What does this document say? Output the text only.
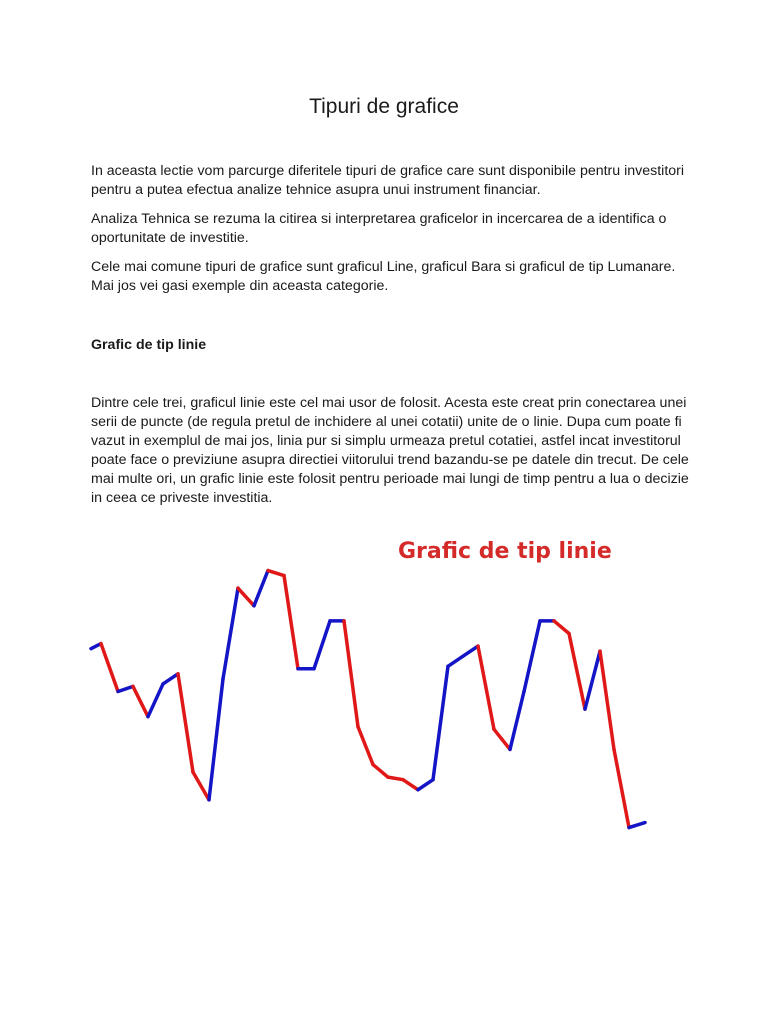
Tipuri de grafice

In aceasta lectie vom parcurge diferitele tipuri de grafice care sunt disponibile pentru investitori pentru a putea efectua analize tehnice asupra unui instrument financiar.

Analiza Tehnica se rezuma la citirea si interpretarea graficelor in incercarea de a identifica o oportunitate de investitie.

Cele mai comune tipuri de grafice sunt graficul Line, graficul Bara si graficul de tip Lumanare. Mai jos vei gasi exemple din aceasta categorie.

Grafic de tip linie

Dintre cele trei, graficul linie este cel mai usor de folosit. Acesta este creat prin conectarea unei serii de puncte (de regula pretul de inchidere al unei cotatii) unite de o linie. Dupa cum poate fi vazut in exemplul de mai jos, linia pur si simplu urmeaza pretul cotatiei, astfel incat investitorul poate face o previziune asupra directiei viitorului trend bazandu-se pe datele din trecut. De cele mai multe ori, un grafic linie este folosit pentru perioade mai lungi de timp pentru a lua o decizie in ceea ce priveste investitia.

Grafic de tip linie
